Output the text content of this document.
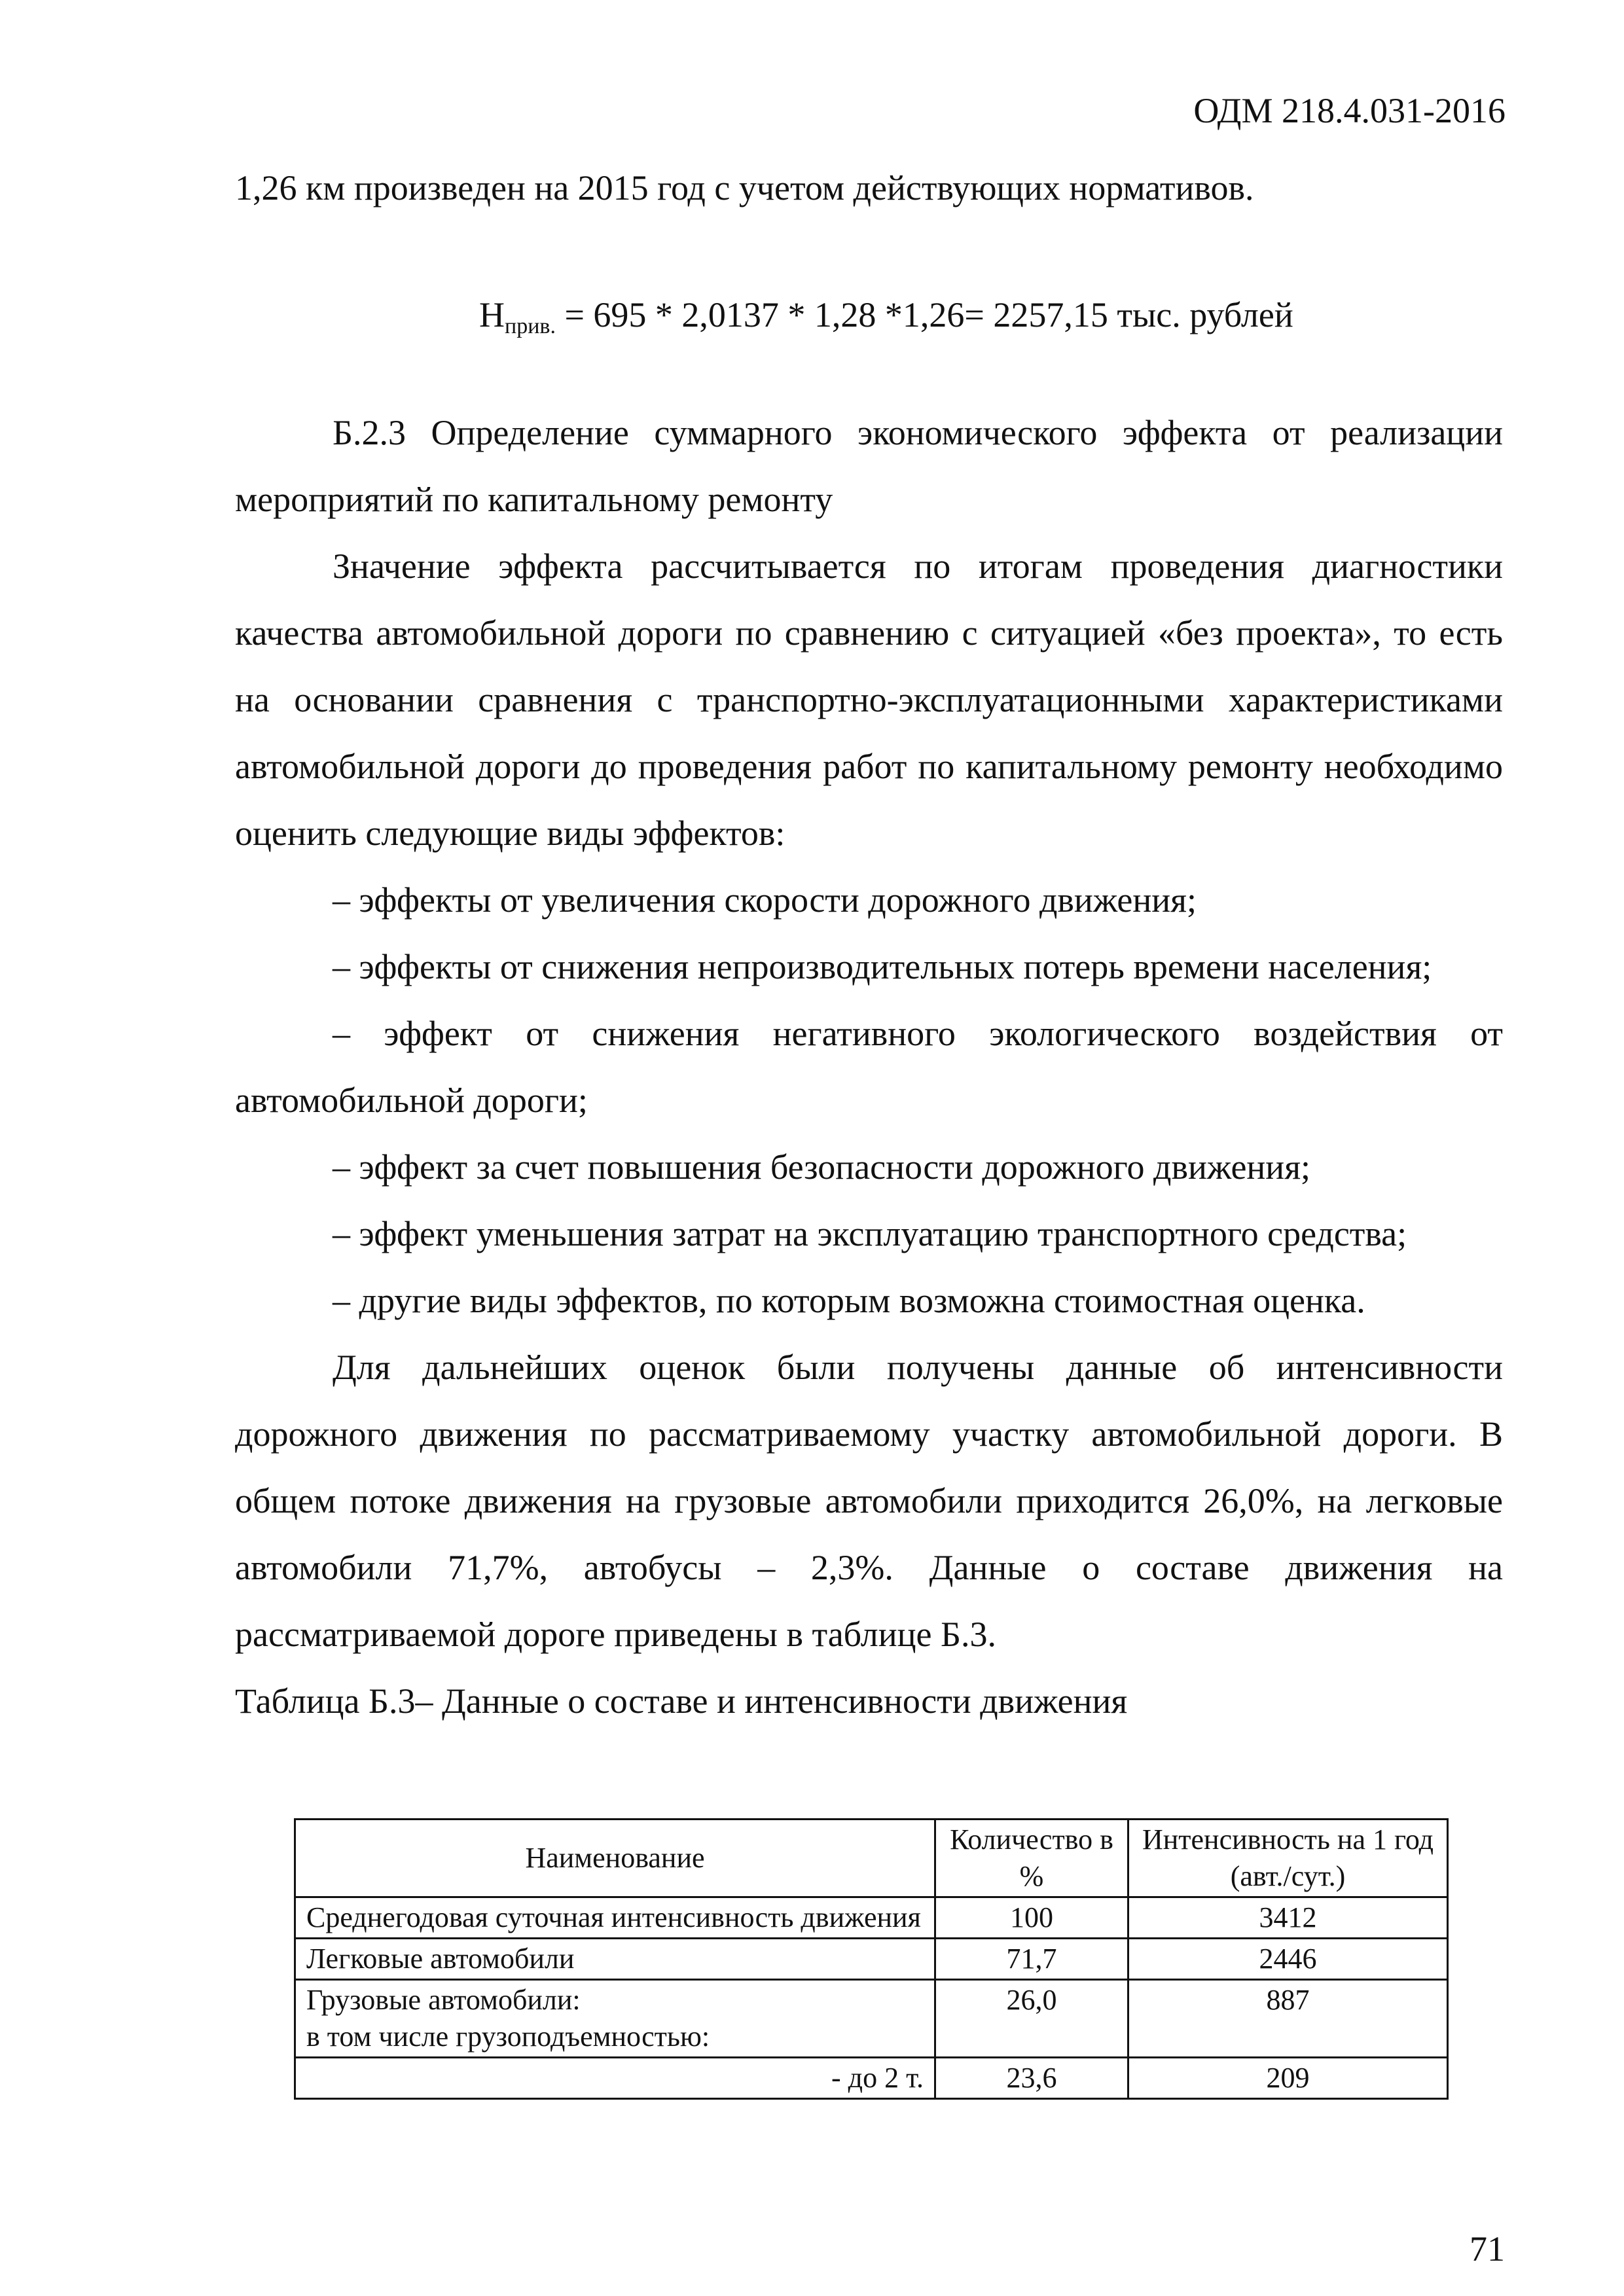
ОДМ 218.4.031-2016

1,26 км произведен на 2015 год с учетом действующих нормативов.

$Н_{прив.} = 695 * 2,0137 * 1,28$ *1,26= 2257,15 тыс. рублей

Б.2.3 Определение суммарного экономического эффекта от реализации мероприятий по капитальному ремонту

Значение эффекта рассчитывается по итогам проведения диагностики качества автомобильной дороги по сравнению с ситуацией «без проекта», то есть на основании сравнения с транспортно-эксплуатационными характеристиками автомобильной дороги до проведения работ по капитальному ремонту необходимо оценить следующие виды эффектов:

– эффекты от увеличения скорости дорожного движения;

– эффекты от снижения непроизводительных потерь времени населения;

– эффект от снижения негативного экологического воздействия от автомобильной дороги;

– эффект за счет повышения безопасности дорожного движения;

– эффект уменьшения затрат на эксплуатацию транспортного средства;

– другие виды эффектов, по которым возможна стоимостная оценка.

Для дальнейших оценок были получены данные об интенсивности дорожного движения по рассматриваемому участку автомобильной дороги. В общем потоке движения на грузовые автомобили приходится 26,0%, на легковые автомобили 71,7%, автобусы – 2,3%. Данные о составе движения на рассматриваемой дороге приведены в таблице Б.3.

Таблица Б.3– Данные о составе и интенсивности движения

Наименование	Количество в %	Интенсивность на 1 год (авт./сут.)
Среднегодовая суточная интенсивность движения	100	3412
Легковые автомобили	71,7	2446

Грузовые автомобили:
в том числе грузоподъемностью:	26,0	887
- до 2 т.	23,6	209
71
